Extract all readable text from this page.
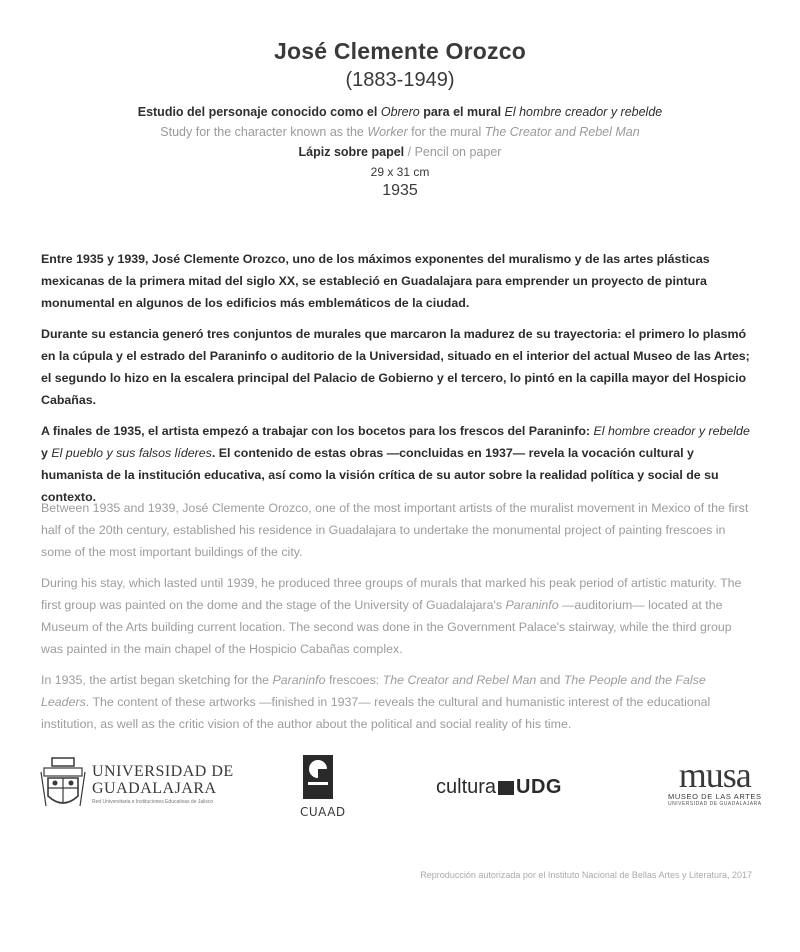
José Clemente Orozco
(1883-1949)
Estudio del personaje conocido como el Obrero para el mural El hombre creador y rebelde
Study for the character known as the Worker for the mural The Creator and Rebel Man
Lápiz sobre papel / Pencil on paper
29 x 31 cm
1935

Entre 1935 y 1939, José Clemente Orozco, uno de los máximos exponentes del muralismo y de las artes plásticas mexicanas de la primera mitad del siglo XX, se estableció en Guadalajara para emprender un proyecto de pintura monumental en algunos de los edificios más emblemáticos de la ciudad.

Durante su estancia generó tres conjuntos de murales que marcaron la madurez de su trayectoria: el primero lo plasmó en la cúpula y el estrado del Paraninfo o auditorio de la Universidad, situado en el interior del actual Museo de las Artes; el segundo lo hizo en la escalera principal del Palacio de Gobierno y el tercero, lo pintó en la capilla mayor del Hospicio Cabañas.

A finales de 1935, el artista empezó a trabajar con los bocetos para los frescos del Paraninfo: El hombre creador y rebelde y El pueblo y sus falsos líderes. El contenido de estas obras —concluidas en 1937— revela la vocación cultural y humanista de la institución educativa, así como la visión crítica de su autor sobre la realidad política y social de su contexto.

Between 1935 and 1939, José Clemente Orozco, one of the most important artists of the muralist movement in Mexico of the first half of the 20th century, established his residence in Guadalajara to undertake the monumental project of painting frescoes in some of the most important buildings of the city.

During his stay, which lasted until 1939, he produced three groups of murals that marked his peak period of artistic maturity. The first group was painted on the dome and the stage of the University of Guadalajara's Paraninfo —auditorium— located at the Museum of the Arts building current location. The second was done in the Government Palace's stairway, while the third group was painted in the main chapel of the Hospicio Cabañas complex.

In 1935, the artist began sketching for the Paraninfo frescoes: The Creator and Rebel Man and The People and the False Leaders. The content of these artworks —finished in 1937— reveals the cultural and humanistic interest of the educational institution, as well as the critic vision of the author about the political and social reality of his time.

UNIVERSIDAD DE
GUADALAJARA
Red Universitaria e Instituciones Educativas de Jalisco
CUAAD
cultura UDG	musa
MUSEO DE LAS ARTES
UNIVERSIDAD DE GUADALAJARA
Reproducción autorizada por el Instituto Nacional de Bellas Artes y Literatura, 2017
